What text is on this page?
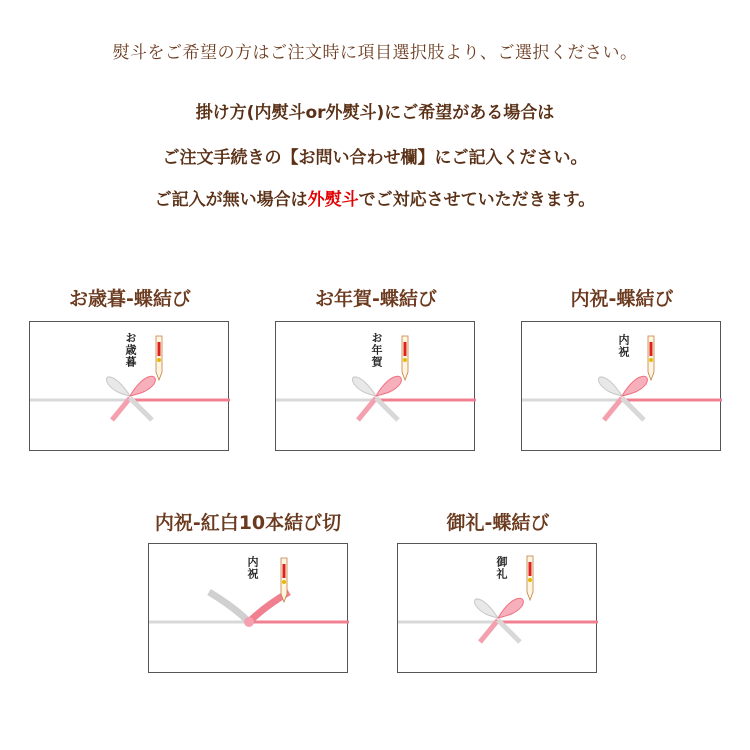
熨斗をご希望の方はご注文時に項目選択肢より、ご選択ください。
掛け方(内熨斗or外熨斗)にご希望がある場合は
ご注文手続きの【お問い合わせ欄】にご記入ください。
ご記入が無い場合は外熨斗でご対応させていただきます。
お歳暮-蝶結び
お歳暮
お年賀-蝶結び
お年賀
内祝-蝶結び
内祝
内祝-紅白10本結び切
内祝
御礼-蝶結び
御礼
